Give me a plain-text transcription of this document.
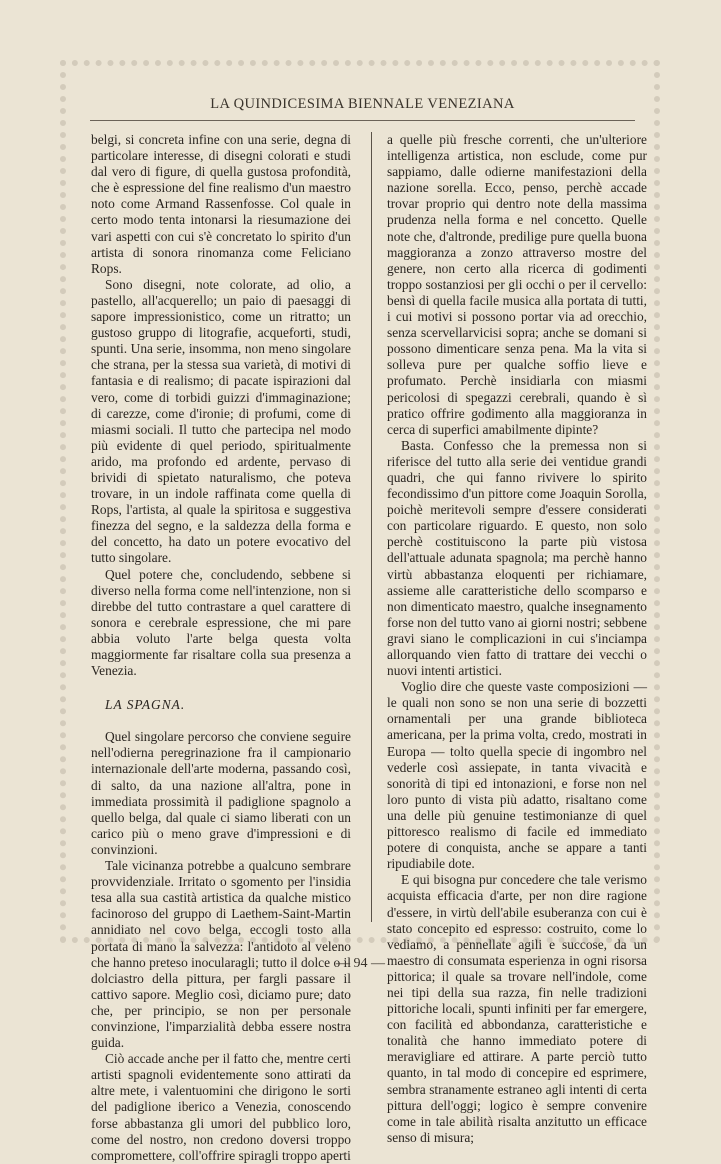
LA QUINDICESIMA BIENNALE VENEZIANA

belgi, si concreta infine con una serie, degna di particolare interesse, di disegni colorati e studi dal vero di figure, di quella gustosa profondità, che è espressione del fine realismo d'un maestro noto come Armand Rassenfosse. Col quale in certo modo tenta intonarsi la riesumazione dei vari aspetti con cui s'è concretato lo spirito d'un artista di sonora rinomanza come Feliciano Rops.

Sono disegni, note colorate, ad olio, a pastello, all'acquerello; un paio di paesaggi di sapore impressionistico, come un ritratto; un gustoso gruppo di litografie, acqueforti, studi, spunti. Una serie, insomma, non meno singolare che strana, per la stessa sua varietà, di motivi di fantasia e di realismo; di pacate ispirazioni dal vero, come di torbidi guizzi d'immaginazione; di carezze, come d'ironie; di profumi, come di miasmi sociali. Il tutto che partecipa nel modo più evidente di quel periodo, spiritualmente arido, ma profondo ed ardente, pervaso di brividi di spietato naturalismo, che poteva trovare, in un indole raffinata come quella di Rops, l'artista, al quale la spiritosa e suggestiva finezza del segno, e la saldezza della forma e del concetto, ha dato un potere evocativo del tutto singolare.

Quel potere che, concludendo, sebbene si diverso nella forma come nell'intenzione, non si direbbe del tutto contrastare a quel carattere di sonora e cerebrale espressione, che mi pare abbia voluto l'arte belga questa volta maggiormente far risaltare colla sua presenza a Venezia.

LA SPAGNA.

Quel singolare percorso che conviene seguire nell'odierna peregrinazione fra il campionario internazionale dell'arte moderna, passando così, di salto, da una nazione all'altra, pone in immediata prossimità il padiglione spagnolo a quello belga, dal quale ci siamo liberati con un carico più o meno grave d'impressioni e di convinzioni.

Tale vicinanza potrebbe a qualcuno sembrare provvidenziale. Irritato o sgomento per l'insidia tesa alla sua castità artistica da qualche mistico facinoroso del gruppo di Laethem-Saint-Martin annidiato nel covo belga, eccogli tosto alla portata di mano la salvezza: l'antidoto al veleno che hanno preteso inocularagli; tutto il dolce o il dolciastro della pittura, per fargli passare il cattivo sapore. Meglio così, diciamo pure; dato che, per principio, se non per personale convinzione, l'imparzialità debba essere nostra guida.

Ciò accade anche per il fatto che, mentre certi artisti spagnoli evidentemente sono attirati da altre mete, i valentuomini che dirigono le sorti del padiglione iberico a Venezia, conoscendo forse abbastanza gli umori del pubblico loro, come del nostro, non credono doversi troppo compromettere, coll'offrire spiragli troppo aperti

a quelle più fresche correnti, che un'ulteriore intelligenza artistica, non esclude, come pur sappiamo, dalle odierne manifestazioni della nazione sorella. Ecco, penso, perchè accade trovar proprio qui dentro note della massima prudenza nella forma e nel concetto. Quelle note che, d'altronde, predilige pure quella buona maggioranza a zonzo attraverso mostre del genere, non certo alla ricerca di godimenti troppo sostanziosi per gli occhi o per il cervello: bensì di quella facile musica alla portata di tutti, i cui motivi si possono portar via ad orecchio, senza scervellarvicisi sopra; anche se domani si possono dimenticare senza pena. Ma la vita si solleva pure per qualche soffio lieve e profumato. Perchè insidiarla con miasmi pericolosi di spegazzi cerebrali, quando è sì pratico offrire godimento alla maggioranza in cerca di superfici amabilmente dipinte?

Basta. Confesso che la premessa non si riferisce del tutto alla serie dei ventidue grandi quadri, che qui fanno rivivere lo spirito fecondissimo d'un pittore come Joaquin Sorolla, poichè meritevoli sempre d'essere considerati con particolare riguardo. E questo, non solo perchè costituiscono la parte più vistosa dell'attuale adunata spagnola; ma perchè hanno virtù abbastanza eloquenti per richiamare, assieme alle caratteristiche dello scomparso e non dimenticato maestro, qualche insegnamento forse non del tutto vano ai giorni nostri; sebbene gravi siano le complicazioni in cui s'inciampa allorquando vien fatto di trattare dei vecchi o nuovi intenti artistici.

Voglio dire che queste vaste composizioni — le quali non sono se non una serie di bozzetti ornamentali per una grande biblioteca americana, per la prima volta, credo, mostrati in Europa — tolto quella specie di ingombro nel vederle così assiepate, in tanta vivacità e sonorità di tipi ed intonazioni, e forse non nel loro punto di vista più adatto, risaltano come una delle più genuine testimonianze di quel pittoresco realismo di facile ed immediato potere di conquista, anche se appare a tanti ripudiabile dote.

E qui bisogna pur concedere che tale verismo acquista efficacia d'arte, per non dire ragione d'essere, in virtù dell'abile esuberanza con cui è stato concepito ed espresso: costruito, come lo vediamo, a pennellate agili e succose, da un maestro di consumata esperienza in ogni risorsa pittorica; il quale sa trovare nell'indole, come nei tipi della sua razza, fin nelle tradizioni pittoriche locali, spunti infiniti per far emergere, con facilità ed abbondanza, caratteristiche e tonalità che hanno immediato potere di meravigliare ed attirare. A parte perciò tutto quanto, in tal modo di concepire ed esprimere, sembra stranamente estraneo agli intenti di certa pittura dell'oggi; logico è sempre convenire come in tale abilità risalta anzitutto un efficace senso di misura;

— 94 —
